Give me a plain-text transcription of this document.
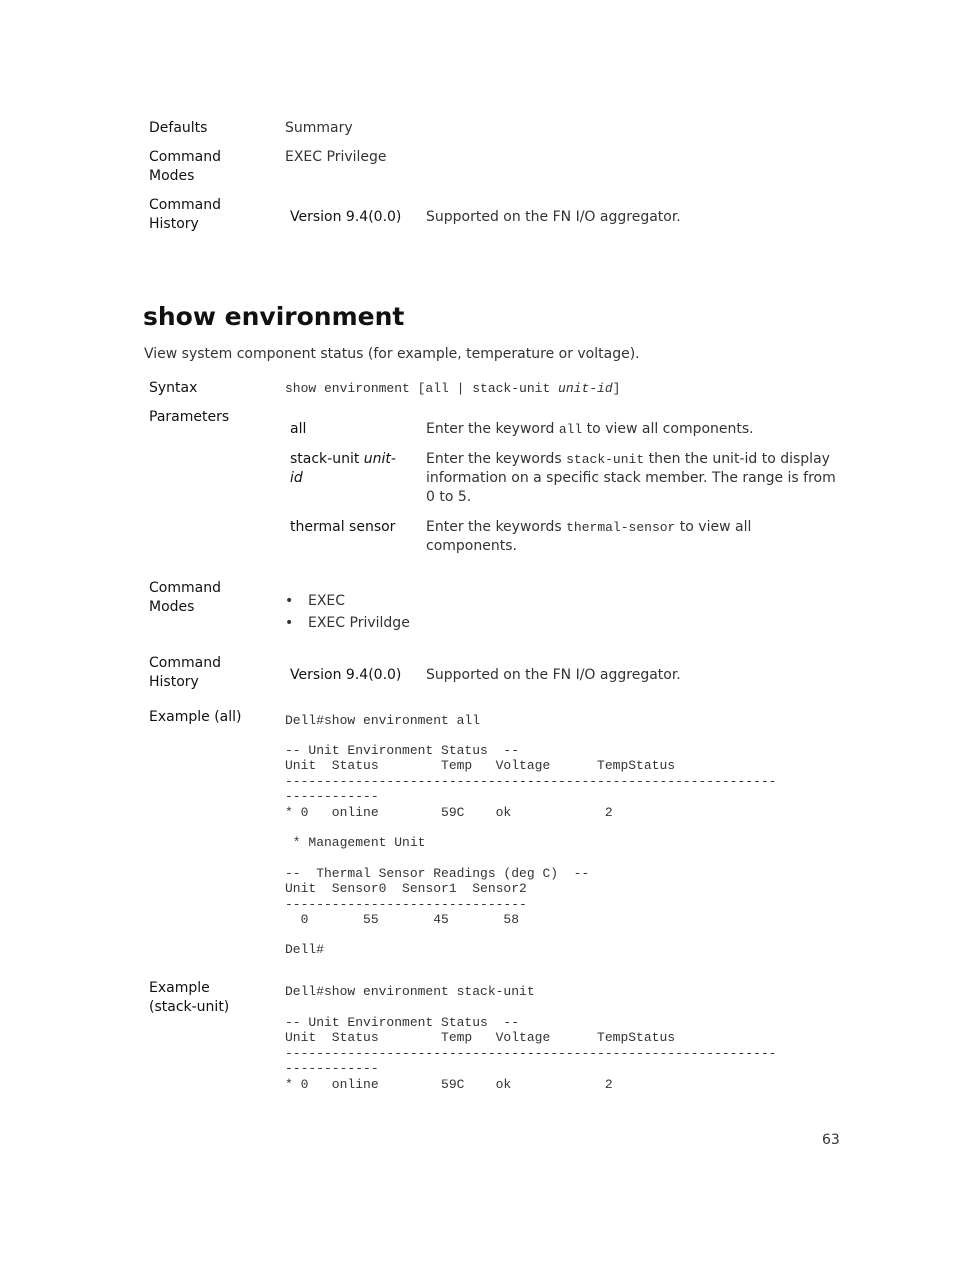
Defaults	Summary
Command
Modes
EXEC Privilege
Command
History	Version 9.4(0.0) Supported on the FN I/O aggregator.
show environment
View system component status (for example, temperature or voltage).
Syntax	show environment [all | stack-unit unit-id]
Parameters
all	Enter the keyword all to view all components.
stack-unit unit-
id
Enter the keywords stack-unit then the unit-id to display information on a specific stack member. The range is from 0 to 5.
thermal sensor Enter the keywords thermal-sensor to view all components.
Command
Modes
•	EXEC
• EXEC Privildge
Command
History	Version 9.4(0.0) Supported on the FN I/O aggregator.
Example (all)	Dell#show environment all
-- Unit Environment Status  --
Unit  Status        Temp   Voltage      TempStatus
---------------------------------------------------------------
------------
* 0   online        59C    ok            2
* Management Unit
--  Thermal Sensor Readings (deg C)  --
Unit  Sensor0  Sensor1  Sensor2
-------------------------------
0       55       45       58
Dell#
Example
(stack-unit)
Dell#show environment stack-unit
-- Unit Environment Status  --
Unit  Status        Temp   Voltage      TempStatus
---------------------------------------------------------------
------------
* 0   online        59C    ok            2
63
